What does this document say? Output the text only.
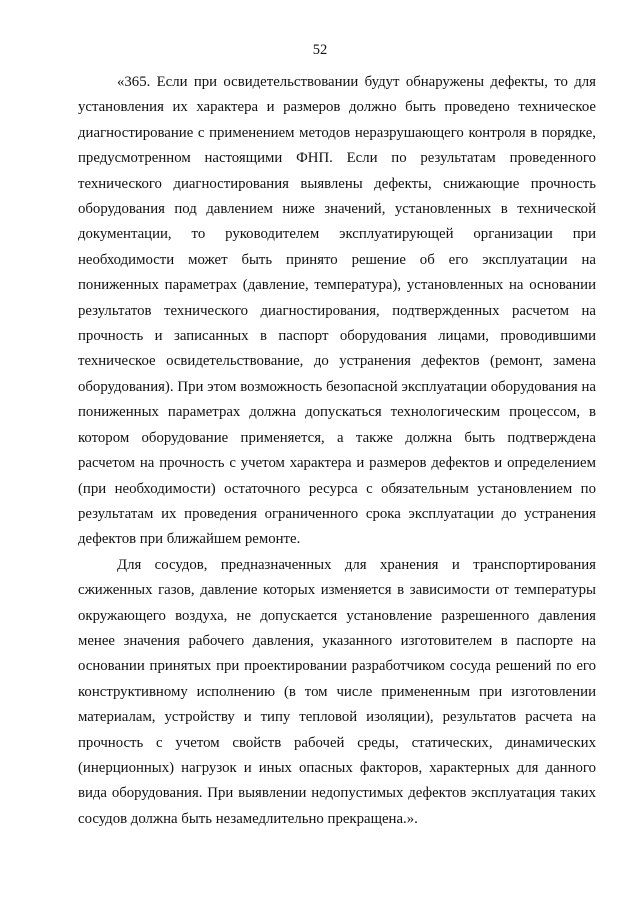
52

«365. Если при освидетельствовании будут обнаружены дефекты, то для установления их характера и размеров должно быть проведено техническое диагностирование с применением методов неразрушающего контроля в порядке, предусмотренном настоящими ФНП. Если по результатам проведенного технического диагностирования выявлены дефекты, снижающие прочность оборудования под давлением ниже значений, установленных в технической документации, то руководителем эксплуатирующей организации при необходимости может быть принято решение об его эксплуатации на пониженных параметрах (давление, температура), установленных на основании результатов технического диагностирования, подтвержденных расчетом на прочность и записанных в паспорт оборудования лицами, проводившими техническое освидетельствование, до устранения дефектов (ремонт, замена оборудования). При этом возможность безопасной эксплуатации оборудования на пониженных параметрах должна допускаться технологическим процессом, в котором оборудование применяется, а также должна быть подтверждена расчетом на прочность с учетом характера и размеров дефектов и определением (при необходимости) остаточного ресурса с обязательным установлением по результатам их проведения ограниченного срока эксплуатации до устранения дефектов при ближайшем ремонте.

Для сосудов, предназначенных для хранения и транспортирования сжиженных газов, давление которых изменяется в зависимости от температуры окружающего воздуха, не допускается установление разрешенного давления менее значения рабочего давления, указанного изготовителем в паспорте на основании принятых при проектировании разработчиком сосуда решений по его конструктивному исполнению (в том числе примененным при изготовлении материалам, устройству и типу тепловой изоляции), результатов расчета на прочность с учетом свойств рабочей среды, статических, динамических (инерционных) нагрузок и иных опасных факторов, характерных для данного вида оборудования. При выявлении недопустимых дефектов эксплуатация таких сосудов должна быть незамедлительно прекращена.».
